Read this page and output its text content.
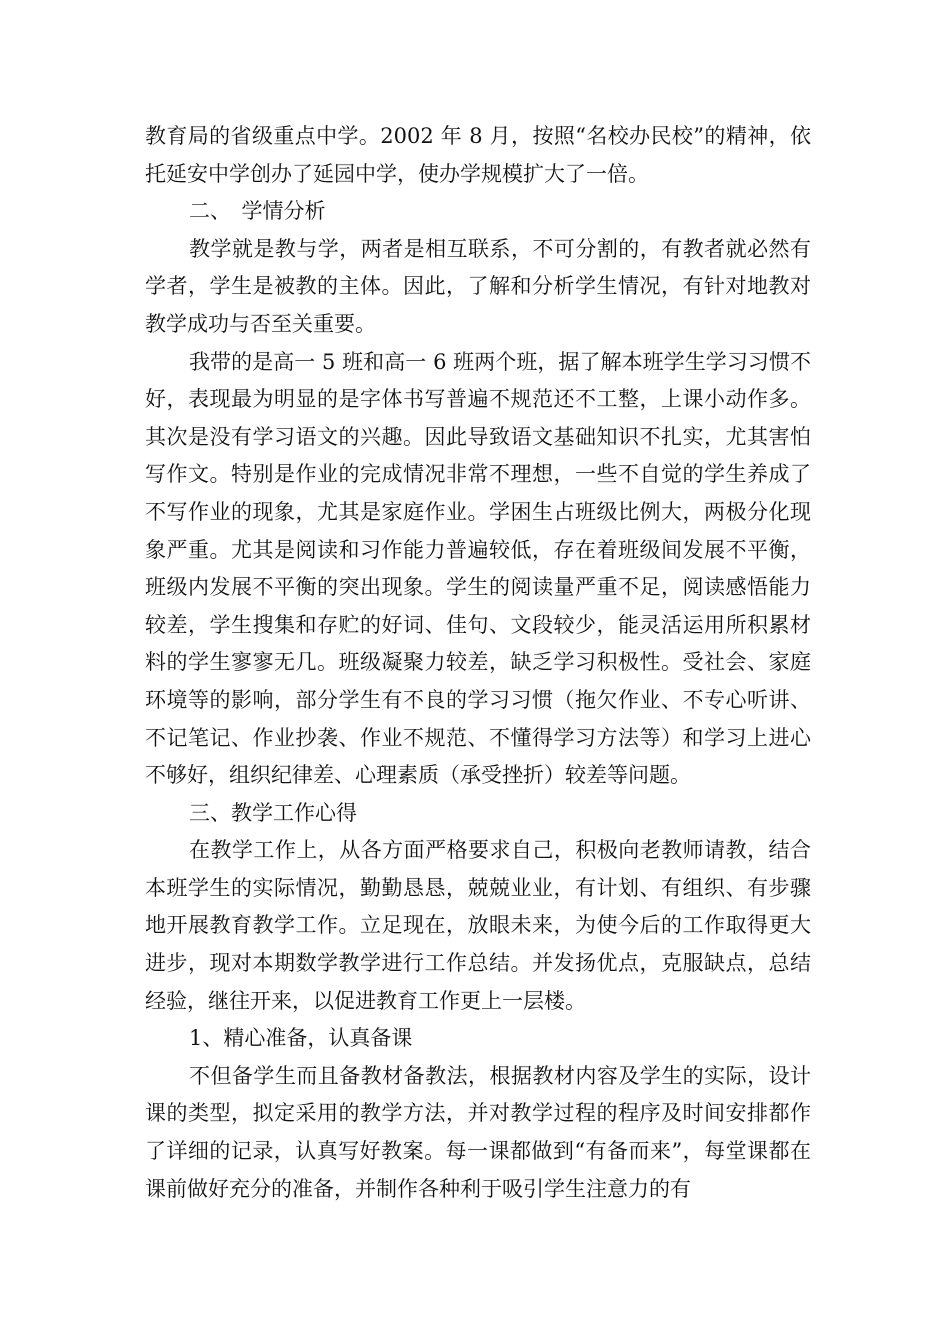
教育局的省级重点中学。2002 年 8 月，按照“名校办民校”的精神，依托延安中学创办了延园中学，使办学规模扩大了一倍。

二、　学情分析

教学就是教与学，两者是相互联系，不可分割的，有教者就必然有学者，学生是被教的主体。因此，了解和分析学生情况，有针对地教对教学成功与否至关重要。

我带的是高一 5 班和高一 6 班两个班，据了解本班学生学习习惯不好，表现最为明显的是字体书写普遍不规范还不工整，上课小动作多。其次是没有学习语文的兴趣。因此导致语文基础知识不扎实，尤其害怕写作文。特别是作业的完成情况非常不理想，一些不自觉的学生养成了不写作业的现象，尤其是家庭作业。学困生占班级比例大，两极分化现象严重。尤其是阅读和习作能力普遍较低，存在着班级间发展不平衡，班级内发展不平衡的突出现象。学生的阅读量严重不足，阅读感悟能力较差，学生搜集和存贮的好词、佳句、文段较少，能灵活运用所积累材料的学生寥寥无几。班级凝聚力较差，缺乏学习积极性。受社会、家庭环境等的影响，部分学生有不良的学习习惯（拖欠作业、不专心听讲、不记笔记、作业抄袭、作业不规范、不懂得学习方法等）和学习上进心不够好，组织纪律差、心理素质（承受挫折）较差等问题。

三、教学工作心得

在教学工作上，从各方面严格要求自己，积极向老教师请教，结合本班学生的实际情况，勤勤恳恳，兢兢业业，有计划、有组织、有步骤地开展教育教学工作。立足现在，放眼未来，为使今后的工作取得更大进步，现对本期数学教学进行工作总结。并发扬优点，克服缺点，总结经验，继往开来，以促进教育工作更上一层楼。

1、精心准备，认真备课

不但备学生而且备教材备教法，根据教材内容及学生的实际，设计课的类型，拟定采用的教学方法，并对教学过程的程序及时间安排都作了详细的记录，认真写好教案。每一课都做到“有备而来”，每堂课都在课前做好充分的准备，并制作各种利于吸引学生注意力的有
